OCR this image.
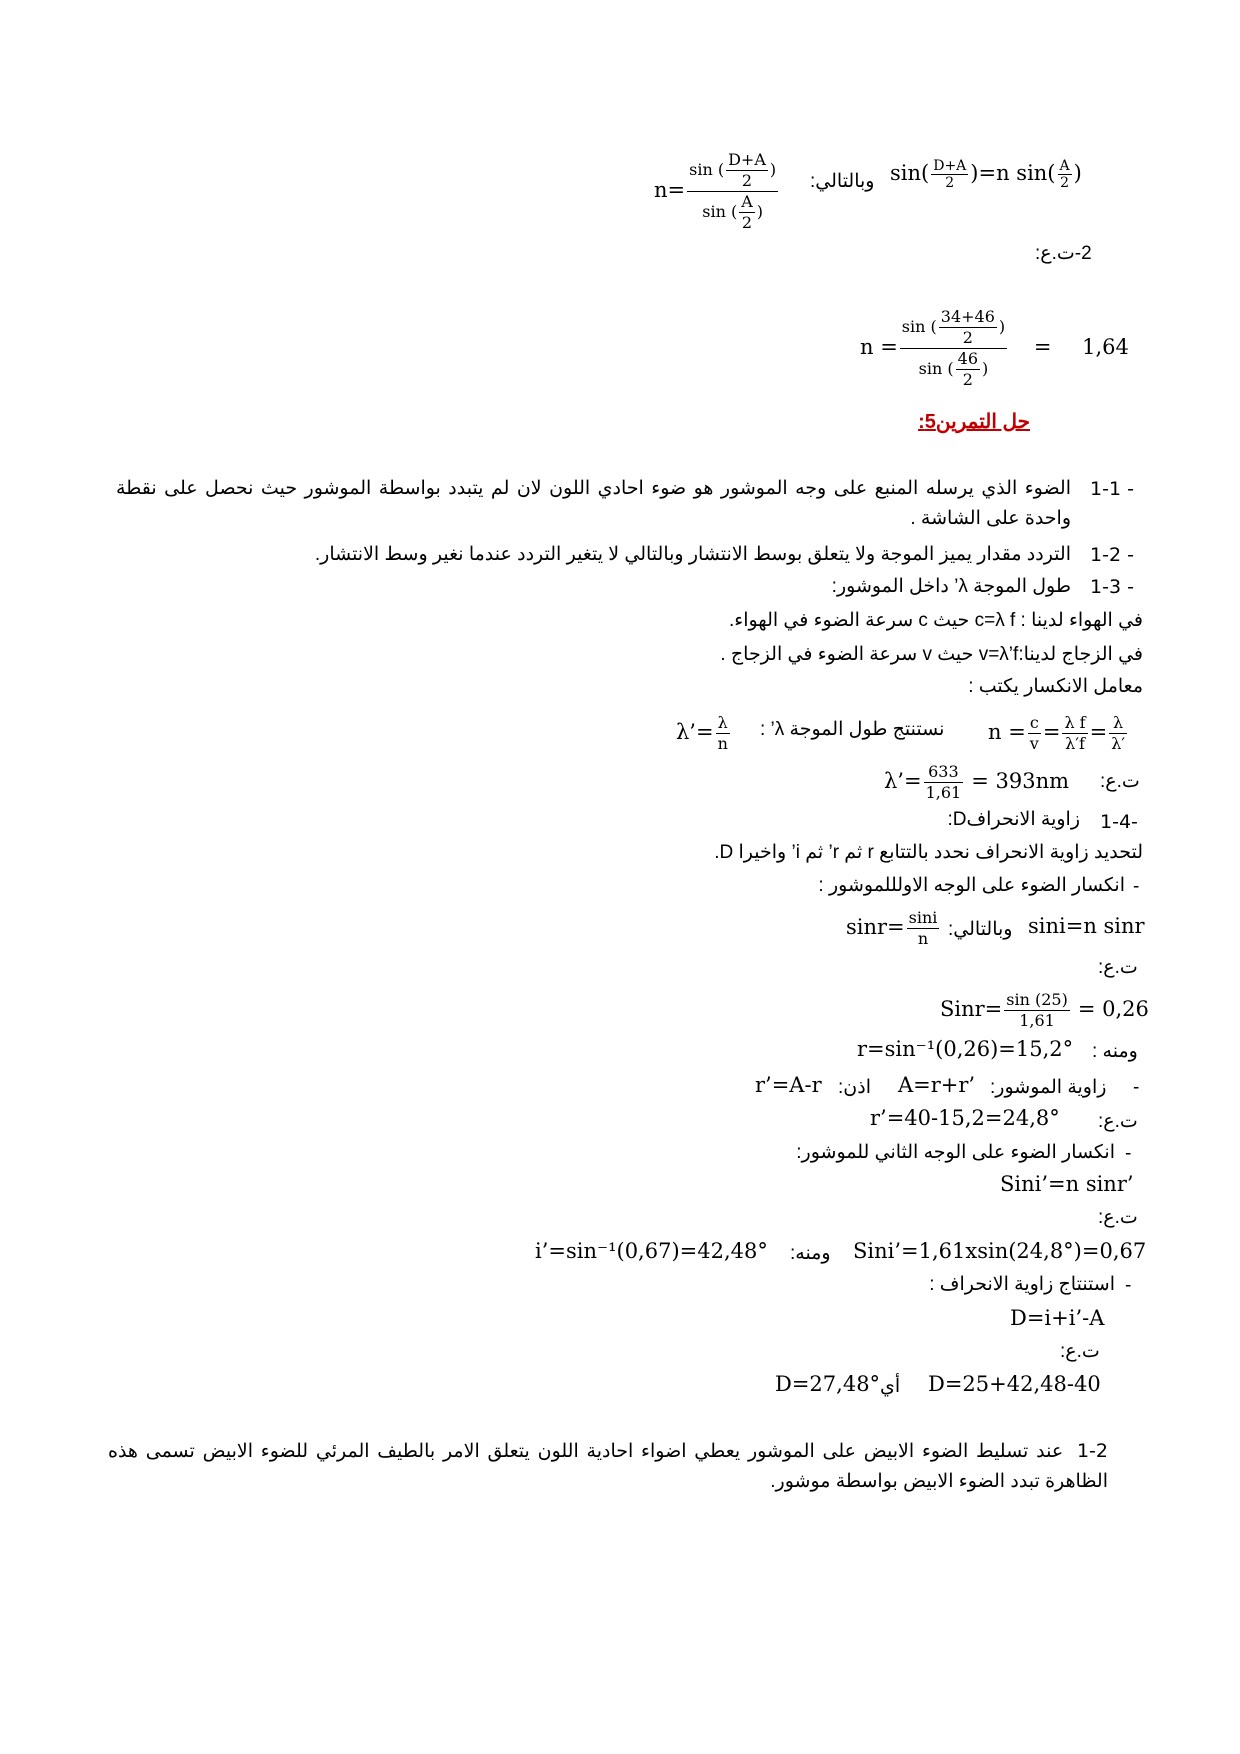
$n= \frac{\sin ( \frac{D+A}{2} )}{\sin ( \frac{A}{2} )}$ وبالتالي: $\sin( \frac{D+A}{2} )=n$ $\sin( \frac{A}{2}$ )
2-ت.ع:
$n = \frac{\sin ( \frac{34+46}{2} )}{\sin ( \frac{46}{2} )} = 1,64$
حل التمرين5:
1-1 -
الضوء الذي يرسله المنبع على وجه الموشور هو ضوء احادي اللون لان لم يتبدد بواسطة الموشور حيث نحصل على نقطة واحدة على الشاشة .
1-2 -
التردد مقدار يميز الموجة ولا يتعلق بوسط الانتشار وبالتالي لا يتغير التردد عندما نغير وسط الانتشار.
1-3 -
طول الموجة λ’ داخل الموشور:
في الهواء لدينا : c=λ f حيث c سرعة الضوء في الهواء.
في الزجاج لدينا:v=λ’f حيث v سرعة الضوء في الزجاج .
معامل الانكسار يكتب :
λ’= $\frac{\lambda}{n}$ نستنتج طول الموجة λ’ : $n = \frac{c}{v} = \frac{\text{λ f}}{\lambda'f} = \frac{\lambda}{\lambda'}$
λ’= $\frac{633}{1,61} = 393nm$ ت.ع:
1-4-
زاوية الانحرافD:
لتحديد زاوية الانحراف نحدد بالتتابع r ثم r’ ثم i’ واخيرا D.
انكسار الضوء على الوجه الاولللموشور : -
$\sin r= \frac{\sin i}{n}$ وبالتالي: sini=n sinr
ت.ع:
Sinr= $\frac{\sin (25)}{1,61} = 0,26$
r=sin⁻¹(0,26)=15,2° ومنه :
r’=A-r اذن: A=r+r’ زاوية الموشور: -
r’=40-15,2=24,8° ت.ع:
انكسار الضوء على الوجه الثاني للموشور: -
Sini’=n sinr’
ت.ع:
i’=sin⁻¹(0,67)=42,48° ومنه: Sini’=1,61xsin(24,8°)=0,67
استنتاج زاوية الانحراف : -
D=i+i’-A
ت.ع:
D=27,48° أي D=25+42,48-40
1-2 عند تسليط الضوء الابيض على الموشور يعطي اضواء احادية اللون يتعلق الامر بالطيف المرئي للضوء الابيض تسمى هذه الظاهرة تبدد الضوء الابيض بواسطة موشور.
